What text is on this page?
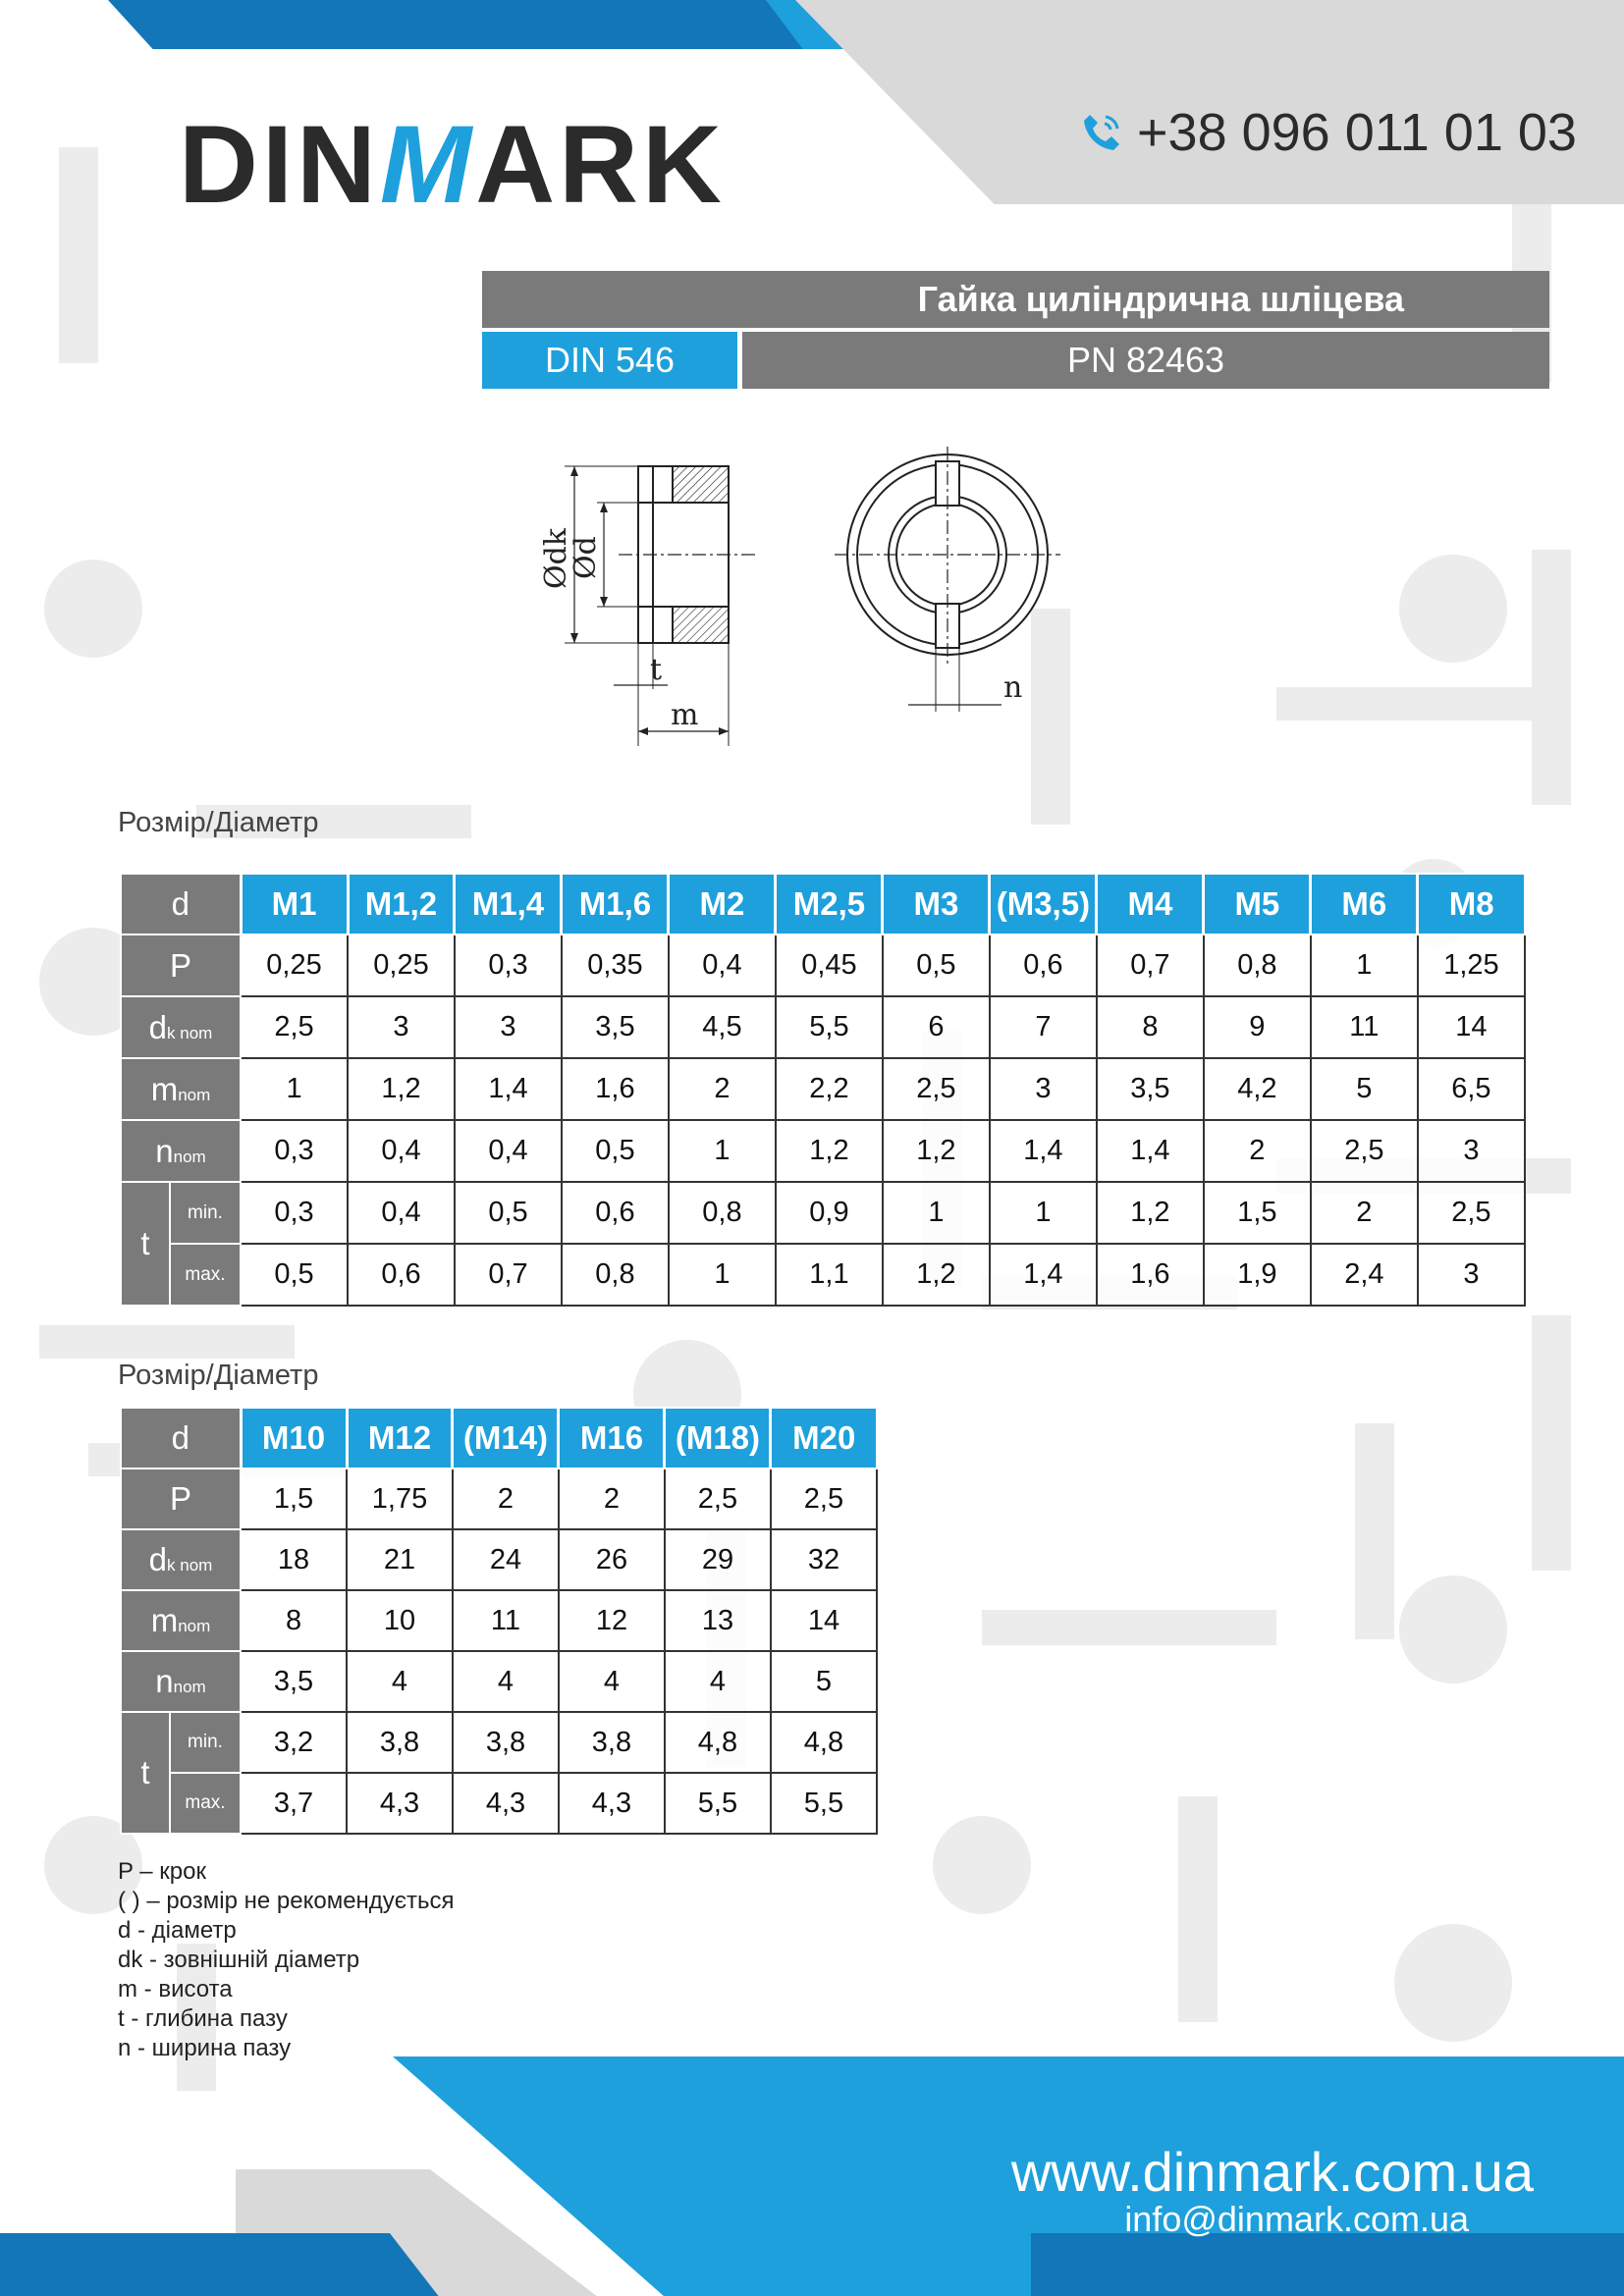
DINMARK	+38 096 011 01 03
Гайка циліндрична шліцева
DIN 546	PN 82463
Ødk
Ød
t
m
n
Розмір/Діаметр
d		M1	M1,2	M1,4	M1,6	M2	M2,5	M3	(M3,5)	M4	M5	M6	M8
P		0,25	0,25	0,3	0,35	0,4	0,45	0,5	0,6	0,7	0,8	1	1,25
dk nom		2,5	3	3	3,5	4,5	5,5	6	7	8	9	11	14
mnom		1	1,2	1,4	1,6	2	2,2	2,5	3	3,5	4,2	5	6,5
nnom		0,3	0,4	0,4	0,5	1	1,2	1,2	1,4	1,4	2	2,5	3
t	min.	0,3	0,4	0,5	0,6	0,8	0,9	1	1	1,2	1,5	2	2,5
	max.	0,5	0,6	0,7	0,8	1	1,1	1,2	1,4	1,6	1,9	2,4	3
Розмір/Діаметр
d		M10	M12	(M14)	M16	(M18)	M20
P		1,5	1,75	2	2	2,5	2,5
dk nom		18	21	24	26	29	32
mnom		8	10	11	12	13	14
nnom		3,5	4	4	4	4	5
t	min.	3,2	3,8	3,8	3,8	4,8	4,8
	max.	3,7	4,3	4,3	4,3	5,5	5,5
P – крок
( ) – розмір не рекомендується
d - діаметр
dk - зовнішній діаметр
m - висота
t - глибина пазу
n - ширина пазу
www.dinmark.com.ua
info@dinmark.com.ua
